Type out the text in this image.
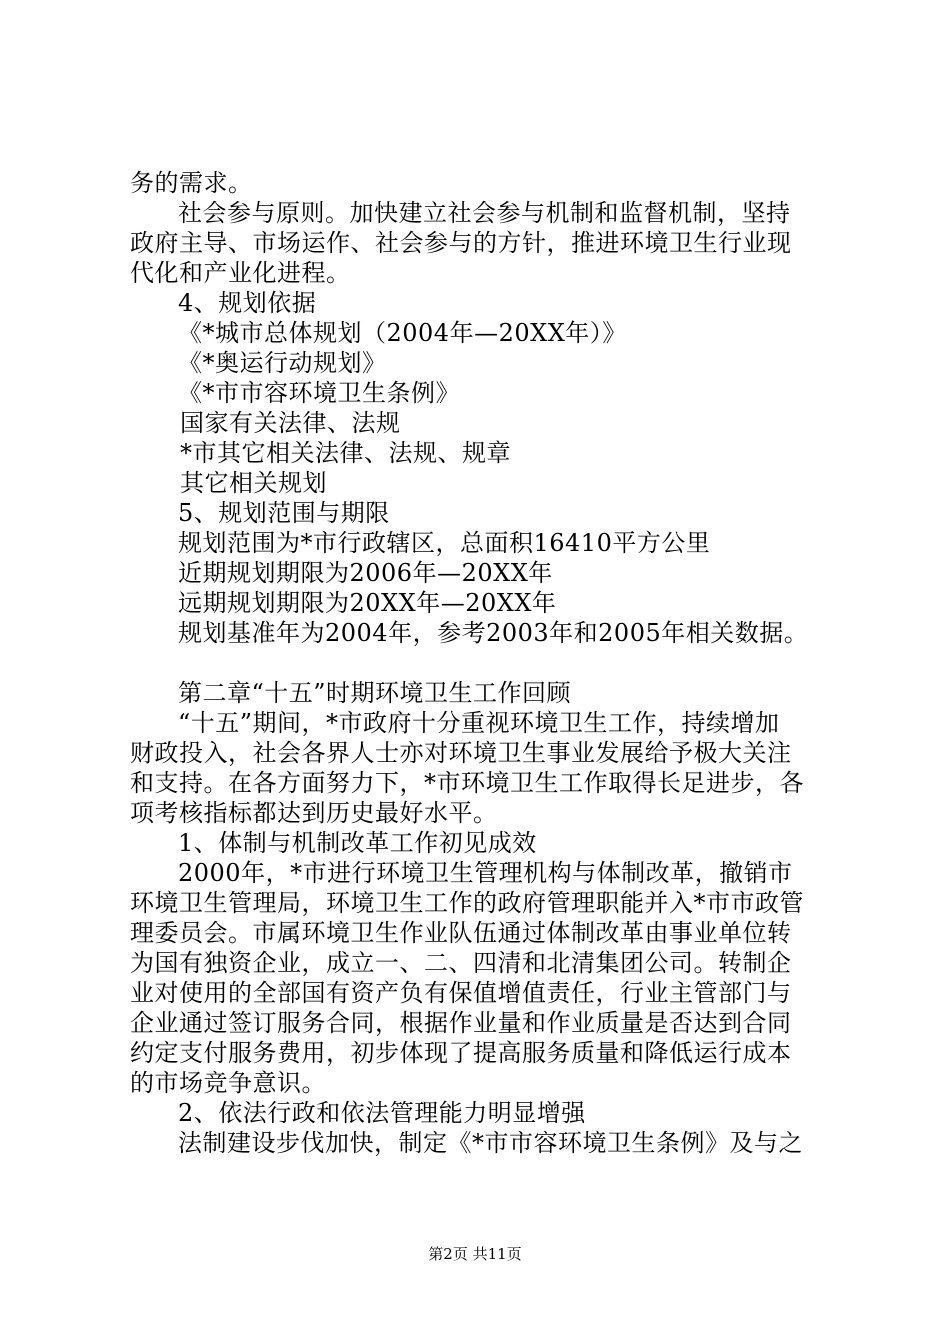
务的需求。
社会参与原则。加快建立社会参与机制和监督机制，坚持
政府主导、市场运作、社会参与的方针，推进环境卫生行业现
代化和产业化进程。
4、规划依据
《*城市总体规划（2004年—20XX年）》
《*奥运行动规划》
《*市市容环境卫生条例》
国家有关法律、法规
*市其它相关法律、法规、规章
其它相关规划
5、规划范围与期限
规划范围为*市行政辖区，总面积16410平方公里
近期规划期限为2006年—20XX年
远期规划期限为20XX年—20XX年
规划基准年为2004年，参考2003年和2005年相关数据。
第二章“十五”时期环境卫生工作回顾
“十五”期间，*市政府十分重视环境卫生工作，持续增加
财政投入，社会各界人士亦对环境卫生事业发展给予极大关注
和支持。在各方面努力下，*市环境卫生工作取得长足进步，各
项考核指标都达到历史最好水平。
1、体制与机制改革工作初见成效
2000年，*市进行环境卫生管理机构与体制改革，撤销市
环境卫生管理局，环境卫生工作的政府管理职能并入*市市政管
理委员会。市属环境卫生作业队伍通过体制改革由事业单位转
为国有独资企业，成立一、二、四清和北清集团公司。转制企
业对使用的全部国有资产负有保值增值责任，行业主管部门与
企业通过签订服务合同，根据作业量和作业质量是否达到合同
约定支付服务费用，初步体现了提高服务质量和降低运行成本
的市场竞争意识。
2、依法行政和依法管理能力明显增强
法制建设步伐加快，制定《*市市容环境卫生条例》及与之
第2页 共11页
